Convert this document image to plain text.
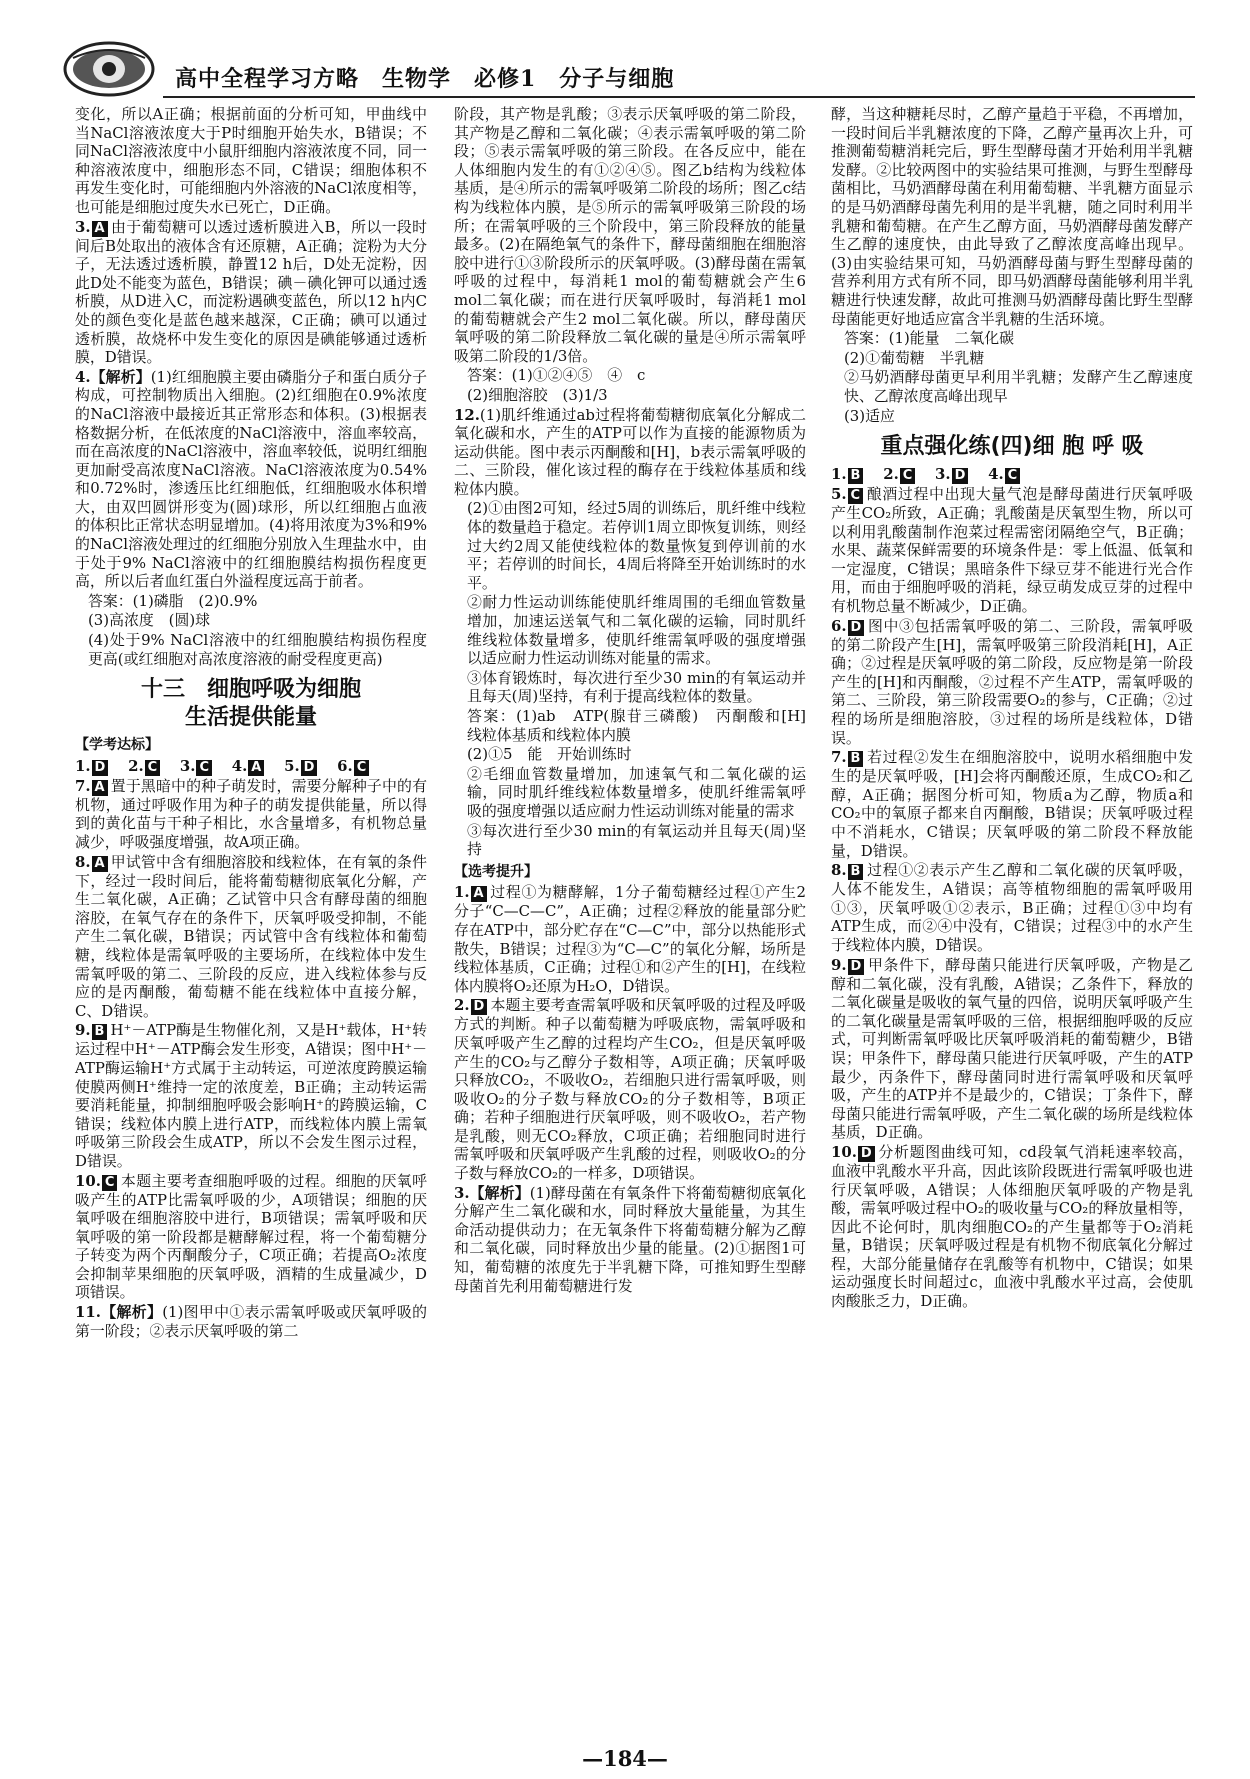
高中全程学习方略　生物学　必修1　分子与细胞

变化，所以A正确；根据前面的分析可知，甲曲线中当NaCl溶液浓度大于P时细胞开始失水，B错误；不同NaCl溶液浓度中小鼠肝细胞内溶液浓度不同，同一种溶液浓度中，细胞形态不同，C错误；细胞体积不再发生变化时，可能细胞内外溶液的NaCl浓度相等，也可能是细胞过度失水已死亡，D正确。

3. A 由于葡萄糖可以透过透析膜进入B，所以一段时间后B处取出的液体含有还原糖，A正确；淀粉为大分子，无法透过透析膜，静置12 h后，D处无淀粉，因此D处不能变为蓝色，B错误；碘－碘化钾可以通过透析膜，从D进入C，而淀粉遇碘变蓝色，所以12 h内C处的颜色变化是蓝色越来越深，C正确；碘可以通过透析膜，故烧杯中发生变化的原因是碘能够通过透析膜，D错误。

4.【解析】(1)红细胞膜主要由磷脂分子和蛋白质分子构成，可控制物质出入细胞。(2)红细胞在0.9%浓度的NaCl溶液中最接近其正常形态和体积。(3)根据表格数据分析，在低浓度的NaCl溶液中，溶血率较高，而在高浓度的NaCl溶液中，溶血率较低，说明红细胞更加耐受高浓度NaCl溶液。NaCl溶液浓度为0.54%和0.72%时，渗透压比红细胞低，红细胞吸水体积增大，由双凹圆饼形变为(圆)球形，所以红细胞占血液的体积比正常状态明显增加。(4)将用浓度为3%和9%的NaCl溶液处理过的红细胞分别放入生理盐水中，由于处于9% NaCl溶液中的红细胞膜结构损伤程度更高，所以后者血红蛋白外溢程度远高于前者。

答案：(1)磷脂　(2)0.9%

(3)高浓度　(圆)球

(4)处于9% NaCl溶液中的红细胞膜结构损伤程度更高(或红细胞对高浓度溶液的耐受程度更高)

十三　细胞呼吸为细胞
生活提供能量
【学考达标】

1. D 2. C 3. C 4. A 5. D 6. C

7. A 置于黑暗中的种子萌发时，需要分解种子中的有机物，通过呼吸作用为种子的萌发提供能量，所以得到的黄化苗与干种子相比，水含量增多，有机物总量减少，呼吸强度增强，故A项正确。

8. A 甲试管中含有细胞溶胶和线粒体，在有氧的条件下，经过一段时间后，能将葡萄糖彻底氧化分解，产生二氧化碳，A正确；乙试管中只含有酵母菌的细胞溶胶，在氧气存在的条件下，厌氧呼吸受抑制，不能产生二氧化碳，B错误；丙试管中含有线粒体和葡萄糖，线粒体是需氧呼吸的主要场所，在线粒体中发生需氧呼吸的第二、三阶段的反应，进入线粒体参与反应的是丙酮酸，葡萄糖不能在线粒体中直接分解，C、D错误。

9. B H⁺－ATP酶是生物催化剂，又是H⁺载体，H⁺转运过程中H⁺－ATP酶会发生形变，A错误；图中H⁺－ATP酶运输H⁺方式属于主动转运，可逆浓度跨膜运输使膜两侧H⁺维持一定的浓度差，B正确；主动转运需要消耗能量，抑制细胞呼吸会影响H⁺的跨膜运输，C错误；线粒体内膜上进行ATP，而线粒体内膜上需氧呼吸第三阶段会生成ATP，所以不会发生图示过程，D错误。

10. C 本题主要考查细胞呼吸的过程。细胞的厌氧呼吸产生的ATP比需氧呼吸的少，A项错误；细胞的厌氧呼吸在细胞溶胶中进行，B项错误；需氧呼吸和厌氧呼吸的第一阶段都是糖酵解过程，将一个葡萄糖分子转变为两个丙酮酸分子，C项正确；若提高O₂浓度会抑制苹果细胞的厌氧呼吸，酒精的生成量减少，D项错误。

11.【解析】(1)图甲中①表示需氧呼吸或厌氧呼吸的第一阶段；②表示厌氧呼吸的第二

阶段，其产物是乳酸；③表示厌氧呼吸的第二阶段，其产物是乙醇和二氧化碳；④表示需氧呼吸的第二阶段；⑤表示需氧呼吸的第三阶段。在各反应中，能在人体细胞内发生的有①②④⑤。图乙b结构为线粒体基质，是④所示的需氧呼吸第二阶段的场所；图乙c结构为线粒体内膜，是⑤所示的需氧呼吸第三阶段的场所；在需氧呼吸的三个阶段中，第三阶段释放的能量最多。(2)在隔绝氧气的条件下，酵母菌细胞在细胞溶胶中进行①③阶段所示的厌氧呼吸。(3)酵母菌在需氧呼吸的过程中，每消耗1 mol的葡萄糖就会产生6 mol二氧化碳；而在进行厌氧呼吸时，每消耗1 mol的葡萄糖就会产生2 mol二氧化碳。所以，酵母菌厌氧呼吸的第二阶段释放二氧化碳的量是④所示需氧呼吸第二阶段的1/3倍。

答案：(1)①②④⑤　④　c

(2)细胞溶胶　(3)1/3

12.(1)肌纤维通过ab过程将葡萄糖彻底氧化分解成二氧化碳和水，产生的ATP可以作为直接的能源物质为运动供能。图中表示丙酮酸和[H]，b表示需氧呼吸的二、三阶段，催化该过程的酶存在于线粒体基质和线粒体内膜。

(2)①由图2可知，经过5周的训练后，肌纤维中线粒体的数量趋于稳定。若停训1周立即恢复训练，则经过大约2周又能使线粒体的数量恢复到停训前的水平；若停训的时间长，4周后将降至开始训练时的水平。

②耐力性运动训练能使肌纤维周围的毛细血管数量增加，加速运送氧气和二氧化碳的运输，同时肌纤维线粒体数量增多，使肌纤维需氧呼吸的强度增强以适应耐力性运动训练对能量的需求。

③体育锻炼时，每次进行至少30 min的有氧运动并且每天(周)坚持，有利于提高线粒体的数量。

答案：(1)ab　ATP(腺苷三磷酸)　丙酮酸和[H]　线粒体基质和线粒体内膜

(2)①5　能　开始训练时

②毛细血管数量增加，加速氧气和二氧化碳的运输，同时肌纤维线粒体数量增多，使肌纤维需氧呼吸的强度增强以适应耐力性运动训练对能量的需求

③每次进行至少30 min的有氧运动并且每天(周)坚持

【选考提升】

1. A 过程①为糖酵解，1分子葡萄糖经过程①产生2分子“C—C—C”，A正确；过程②释放的能量部分贮存在ATP中，部分贮存在“C—C”中，部分以热能形式散失，B错误；过程③为“C—C”的氧化分解，场所是线粒体基质，C正确；过程①和②产生的[H]，在线粒体内膜将O₂还原为H₂O，D错误。

2. D 本题主要考查需氧呼吸和厌氧呼吸的过程及呼吸方式的判断。种子以葡萄糖为呼吸底物，需氧呼吸和厌氧呼吸产生乙醇的过程均产生CO₂，但是厌氧呼吸产生的CO₂与乙醇分子数相等，A项正确；厌氧呼吸只释放CO₂，不吸收O₂，若细胞只进行需氧呼吸，则吸收O₂的分子数与释放CO₂的分子数相等，B项正确；若种子细胞进行厌氧呼吸，则不吸收O₂，若产物是乳酸，则无CO₂释放，C项正确；若细胞同时进行需氧呼吸和厌氧呼吸产生乳酸的过程，则吸收O₂的分子数与释放CO₂的一样多，D项错误。

3.【解析】(1)酵母菌在有氧条件下将葡萄糖彻底氧化分解产生二氧化碳和水，同时释放大量能量，为其生命活动提供动力；在无氧条件下将葡萄糖分解为乙醇和二氧化碳，同时释放出少量的能量。(2)①据图1可知，葡萄糖的浓度先于半乳糖下降，可推知野生型酵母菌首先利用葡萄糖进行发

酵，当这种糖耗尽时，乙醇产量趋于平稳，不再增加，一段时间后半乳糖浓度的下降，乙醇产量再次上升，可推测葡萄糖消耗完后，野生型酵母菌才开始利用半乳糖发酵。②比较两图中的实验结果可推测，与野生型酵母菌相比，马奶酒酵母菌在利用葡萄糖、半乳糖方面显示的是马奶酒酵母菌先利用的是半乳糖，随之同时利用半乳糖和葡萄糖。在产生乙醇方面，马奶酒酵母菌发酵产生乙醇的速度快，由此导致了乙醇浓度高峰出现早。(3)由实验结果可知，马奶酒酵母菌与野生型酵母菌的营养利用方式有所不同，即马奶酒酵母菌能够利用半乳糖进行快速发酵，故此可推测马奶酒酵母菌比野生型酵母菌能更好地适应富含半乳糖的生活环境。

答案：(1)能量　二氧化碳

(2)①葡萄糖　半乳糖

②马奶酒酵母菌更早利用半乳糖；发酵产生乙醇速度快、乙醇浓度高峰出现早

(3)适应

重点强化练(四)细 胞 呼 吸

1. B 2. C 3. D 4. C

5. C 酿酒过程中出现大量气泡是酵母菌进行厌氧呼吸产生CO₂所致，A正确；乳酸菌是厌氧型生物，所以可以利用乳酸菌制作泡菜过程需密闭隔绝空气，B正确；水果、蔬菜保鲜需要的环境条件是：零上低温、低氧和一定湿度，C错误；黑暗条件下绿豆芽不能进行光合作用，而由于细胞呼吸的消耗，绿豆萌发成豆芽的过程中有机物总量不断减少，D正确。

6. D 图中③包括需氧呼吸的第二、三阶段，需氧呼吸的第二阶段产生[H]，需氧呼吸第三阶段消耗[H]，A正确；②过程是厌氧呼吸的第二阶段，反应物是第一阶段产生的[H]和丙酮酸，②过程不产生ATP，需氧呼吸的第二、三阶段，第三阶段需要O₂的参与，C正确；②过程的场所是细胞溶胶，③过程的场所是线粒体，D错误。

7. B 若过程②发生在细胞溶胶中，说明水稻细胞中发生的是厌氧呼吸，[H]会将丙酮酸还原，生成CO₂和乙醇，A正确；据图分析可知，物质a为乙醇，物质a和CO₂中的氧原子都来自丙酮酸，B错误；厌氧呼吸过程中不消耗水，C错误；厌氧呼吸的第二阶段不释放能量，D错误。

8. B 过程①②表示产生乙醇和二氧化碳的厌氧呼吸，人体不能发生，A错误；高等植物细胞的需氧呼吸用①③，厌氧呼吸①②表示，B正确；过程①③中均有ATP生成，而②④中没有，C错误；过程③中的水产生于线粒体内膜，D错误。

9. D 甲条件下，酵母菌只能进行厌氧呼吸，产物是乙醇和二氧化碳，没有乳酸，A错误；乙条件下，释放的二氧化碳量是吸收的氧气量的四倍，说明厌氧呼吸产生的二氧化碳量是需氧呼吸的三倍，根据细胞呼吸的反应式，可判断需氧呼吸比厌氧呼吸消耗的葡萄糖少，B错误；甲条件下，酵母菌只能进行厌氧呼吸，产生的ATP最少，丙条件下，酵母菌同时进行需氧呼吸和厌氧呼吸，产生的ATP并不是最少的，C错误；丁条件下，酵母菌只能进行需氧呼吸，产生二氧化碳的场所是线粒体基质，D正确。

10. D 分析题图曲线可知，cd段氧气消耗速率较高，血液中乳酸水平升高，因此该阶段既进行需氧呼吸也进行厌氧呼吸，A错误；人体细胞厌氧呼吸的产物是乳酸，需氧呼吸过程中O₂的吸收量与CO₂的释放量相等，因此不论何时，肌肉细胞CO₂的产生量都等于O₂消耗量，B错误；厌氧呼吸过程是有机物不彻底氧化分解过程，大部分能量储存在乳酸等有机物中，C错误；如果运动强度长时间超过c，血液中乳酸水平过高，会使肌肉酸胀乏力，D正确。

—184—
